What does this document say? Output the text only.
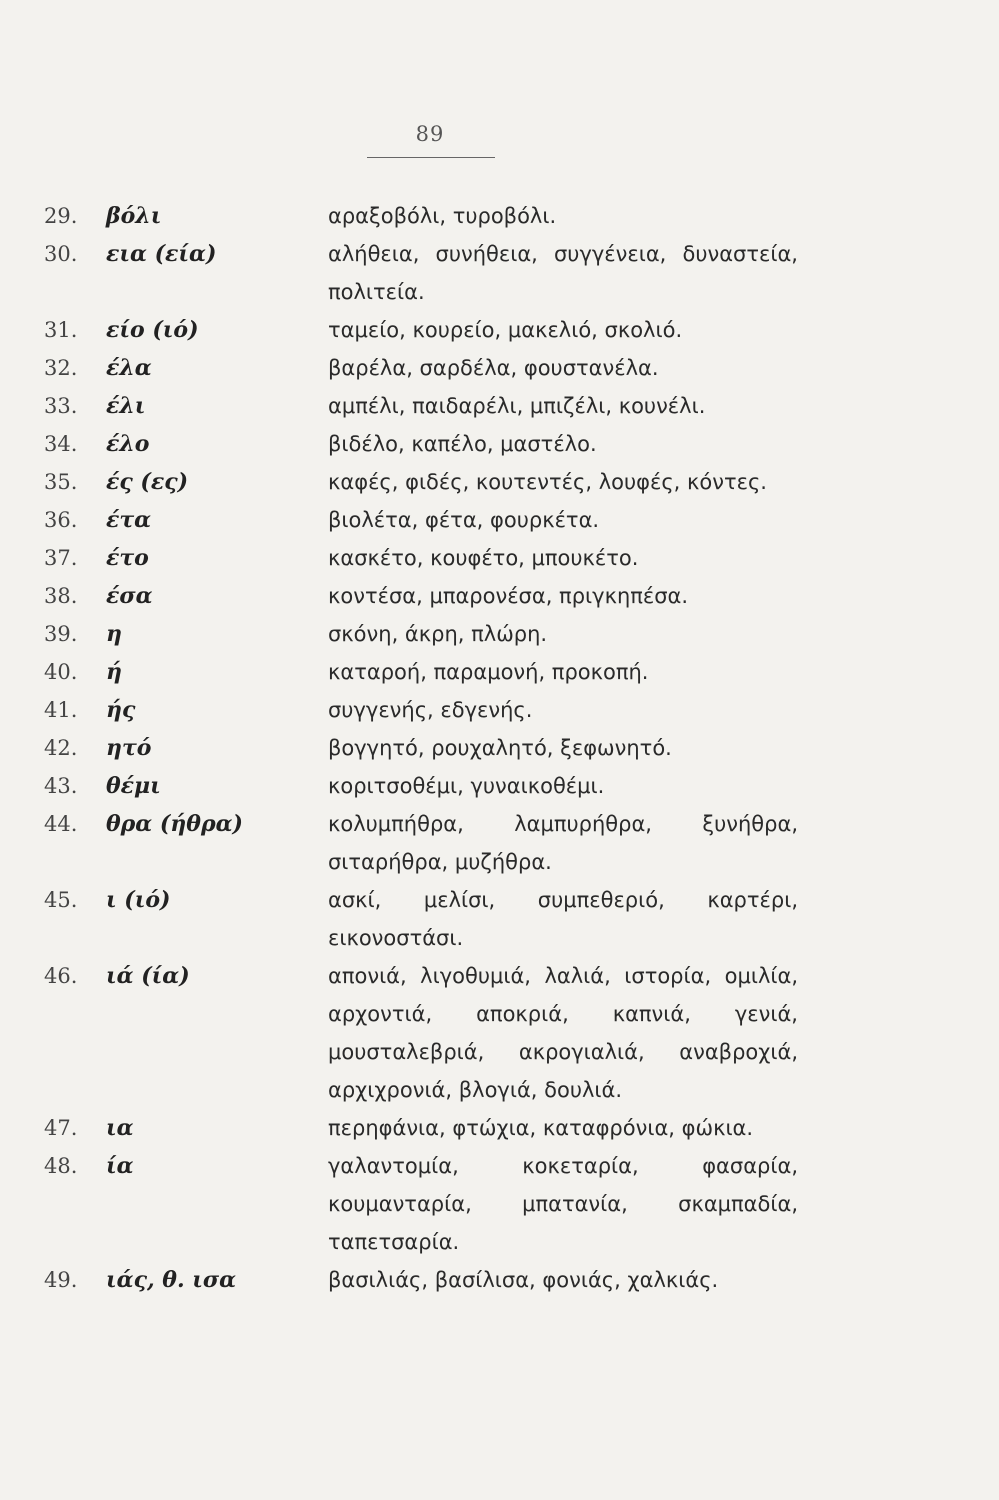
89
29.	βόλι	αραξοβόλι, τυροβόλι.
30.	εια (εία)	αλήθεια, συνήθεια, συγγένεια, δυναστεία, πολιτεία.
31.	είο (ιό)	ταμείο, κουρείο, μακελιό, σκολιό.
32.	έλα	βαρέλα, σαρδέλα, φουστανέλα.
33.	έλι	αμπέλι, παιδαρέλι, μπιζέλι, κουνέλι.
34.	έλο	βιδέλο, καπέλο, μαστέλο.
35.	ές (ες)	καφές, φιδές, κουτεντές, λουφές, κόντες.
36.	έτα	βιολέτα, φέτα, φουρκέτα.
37.	έτο	κασκέτο, κουφέτο, μπουκέτο.
38.	έσα	κοντέσα, μπαρονέσα, πριγκηπέσα.
39.	η	σκόνη, άκρη, πλώρη.
40.	ή	καταροή, παραμονή, προκοπή.
41.	ής	συγγενής, εδγενής.
42.	ητό	βογγητό, ρουχαλητό, ξεφωνητό.
43.	θέμι	κοριτσοθέμι, γυναικοθέμι.
44.	θρα (ήθρα)	κολυμπήθρα, λαμπυρήθρα, ξυνήθρα, σιταρήθρα, μυζήθρα.
45.	ι (ιό)	ασκί, μελίσι, συμπεθεριό, καρτέρι, εικονοστάσι.
46.	ιά (ία)	απονιά, λιγοθυμιά, λαλιά, ιστορία, ομιλία, αρχοντιά, αποκριά, καπνιά, γενιά, μουσταλεβριά, ακρογιαλιά, αναβροχιά, αρχιχρονιά, βλογιά, δουλιά.
47.	ια	περηφάνια, φτώχια, καταφρόνια, φώκια.
48.	ία	γαλαντομία, κοκεταρία, φασαρία, κουμανταρία, μπατανία, σκαμπαδία, ταπετσαρία.
49.	ιάς, θ. ισα	βασιλιάς, βασίλισα, φονιάς, χαλκιάς.
